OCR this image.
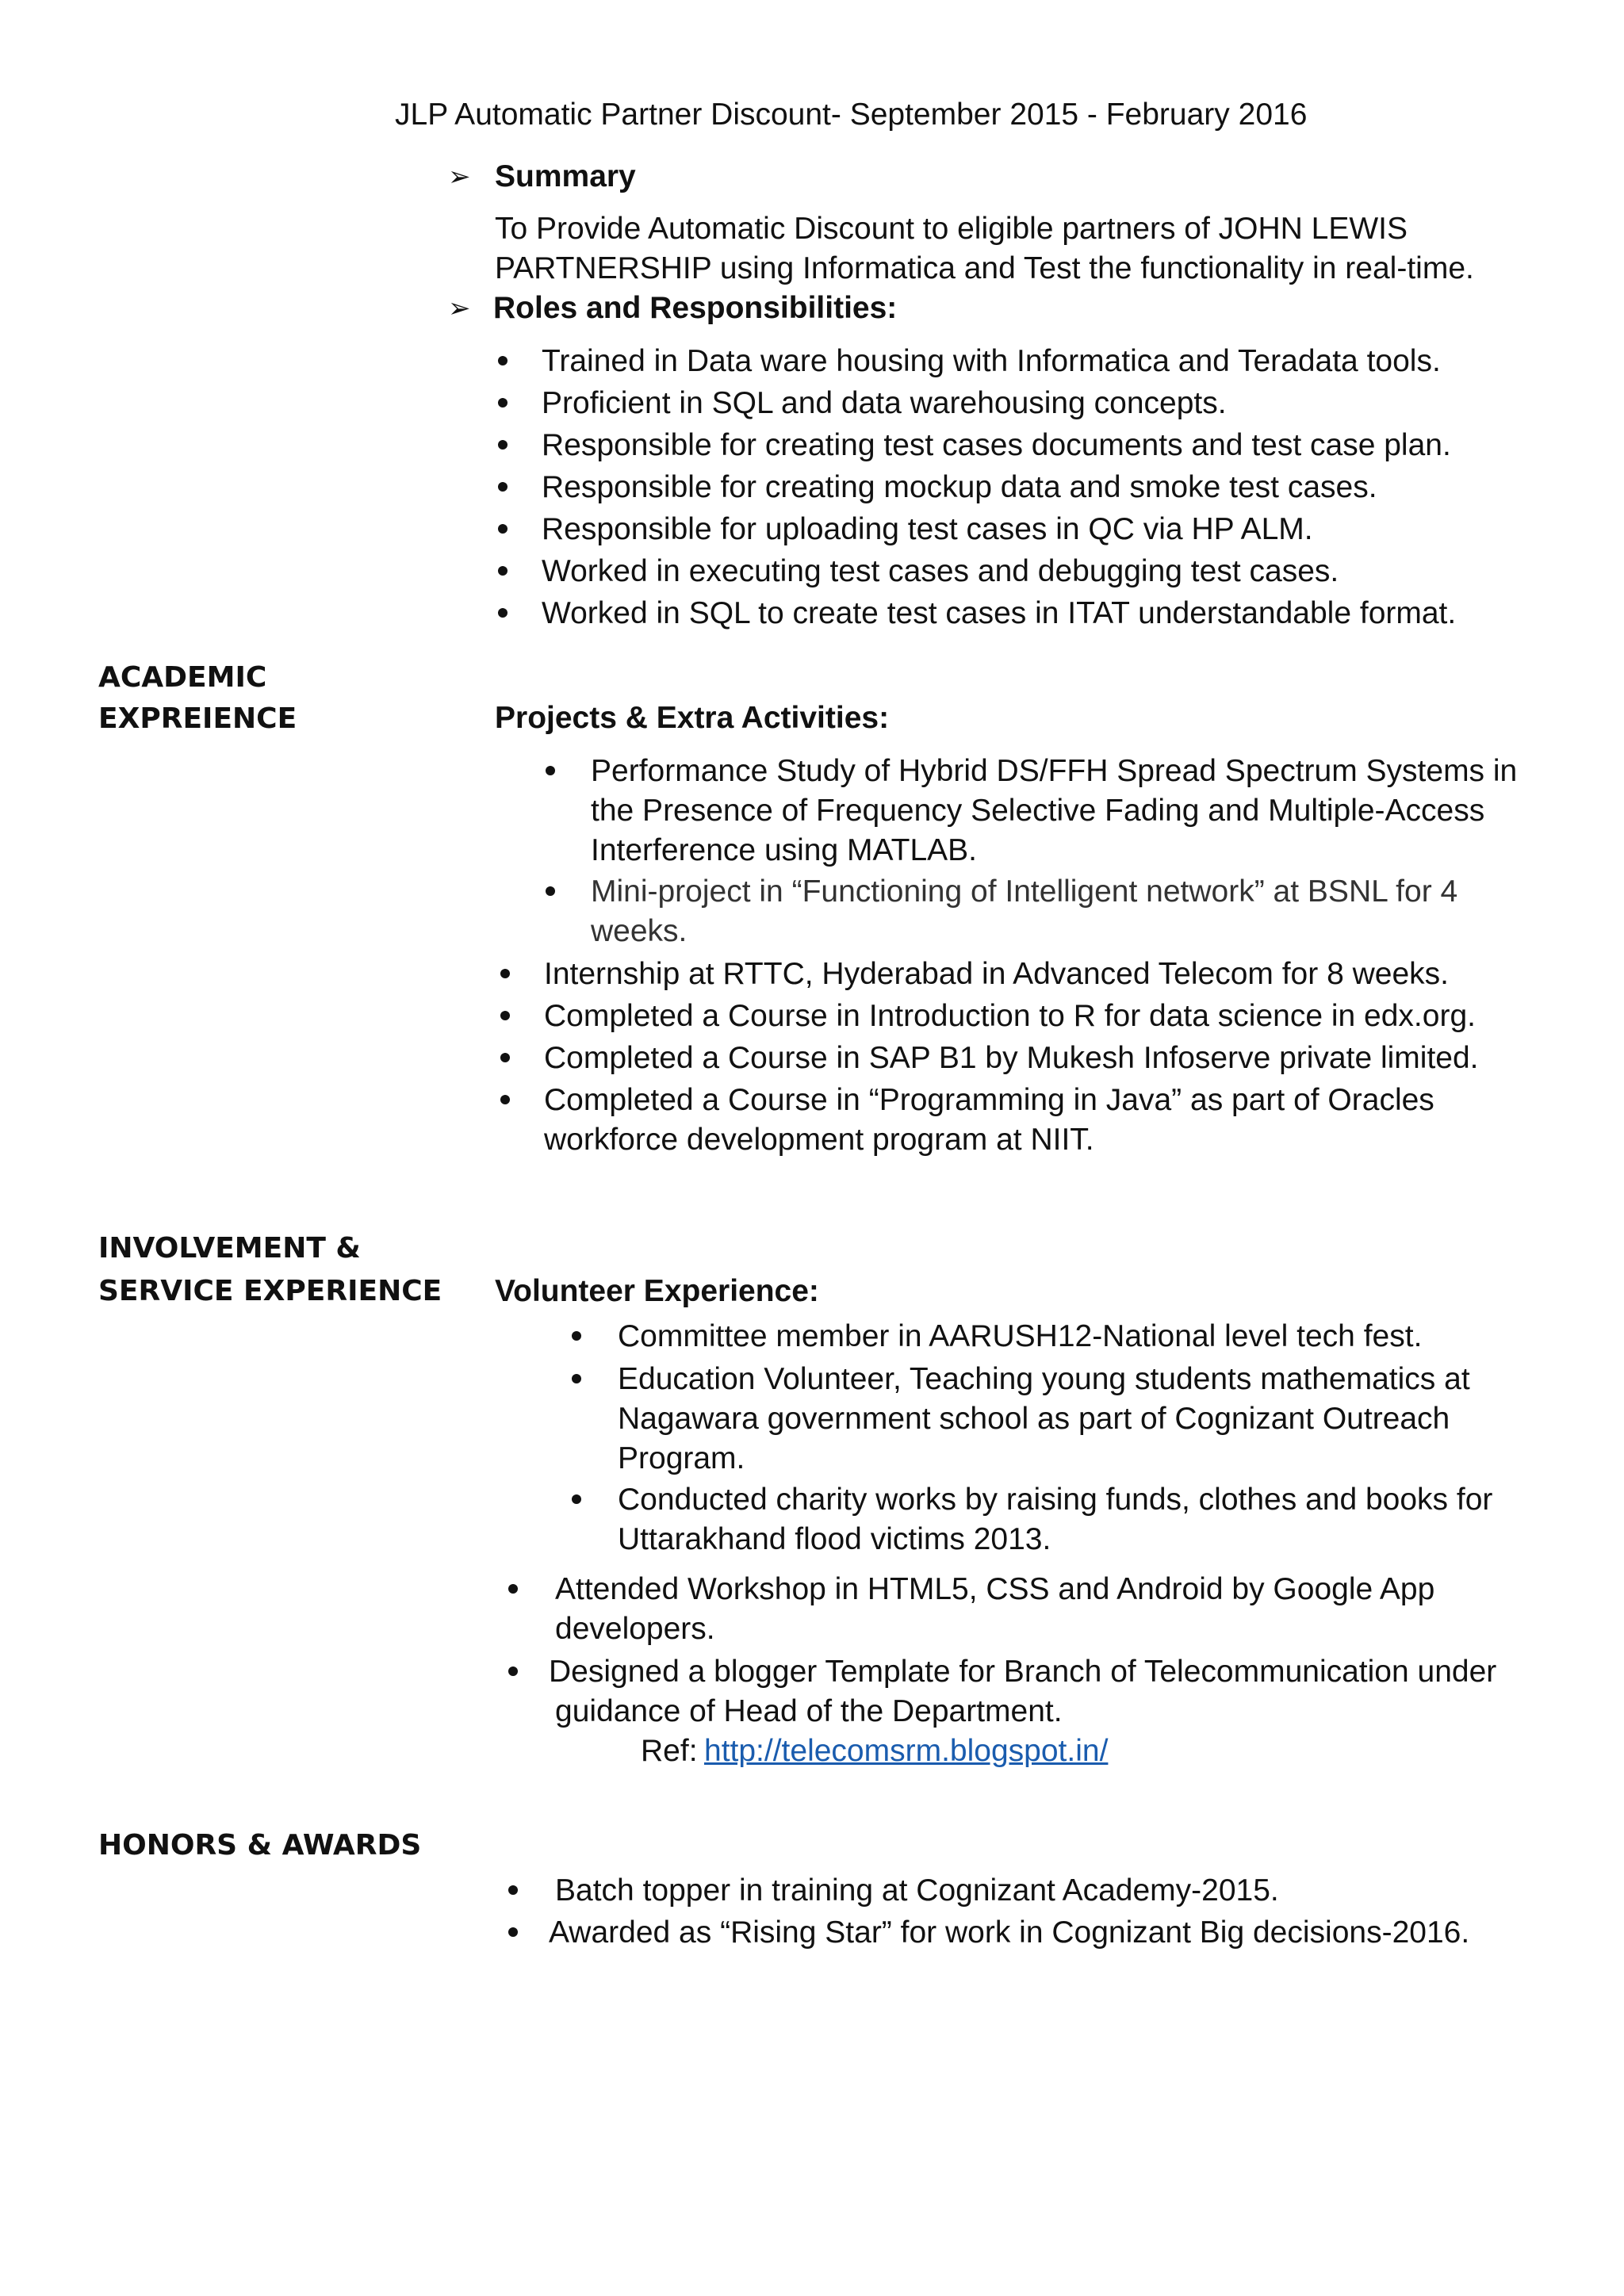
JLP Automatic Partner Discount- September 2015 - February 2016
➢ Summary
To Provide Automatic Discount to eligible partners of JOHN LEWIS
PARTNERSHIP using Informatica and Test the functionality in real-time.
➢ Roles and Responsibilities:
Trained in Data ware housing with Informatica and Teradata tools.
Proficient in SQL and data warehousing concepts.
Responsible for creating test cases documents and test case plan.
Responsible for creating mockup data and smoke test cases.
Responsible for uploading test cases in QC via HP ALM.
Worked in executing test cases and debugging test cases.
Worked in SQL to create test cases in ITAT understandable format.
ACADEMIC
EXPREIENCE	Projects & Extra Activities:
Performance Study of Hybrid DS/FFH Spread Spectrum Systems in
the Presence of Frequency Selective Fading and Multiple-Access
Interference using MATLAB.
Mini-project in “Functioning of Intelligent network” at BSNL for 4
weeks.
Internship at RTTC, Hyderabad in Advanced Telecom for 8 weeks.
Completed a Course in Introduction to R for data science in edx.org.
Completed a Course in SAP B1 by Mukesh Infoserve private limited.
Completed a Course in “Programming in Java” as part of Oracles
workforce development program at NIIT.
INVOLVEMENT &
SERVICE EXPERIENCE Volunteer Experience:
Committee member in AARUSH12-National level tech fest.
Education Volunteer, Teaching young students mathematics at
Nagawara government school as part of Cognizant Outreach
Program.
Conducted charity works by raising funds, clothes and books for
Uttarakhand flood victims 2013.
Attended Workshop in HTML5, CSS and Android by Google App
developers.
Designed a blogger Template for Branch of Telecommunication under
guidance of Head of the Department.
Ref: http://telecomsrm.blogspot.in/
HONORS & AWARDS
Batch topper in training at Cognizant Academy-2015.
Awarded as “Rising Star” for work in Cognizant Big decisions-2016.
